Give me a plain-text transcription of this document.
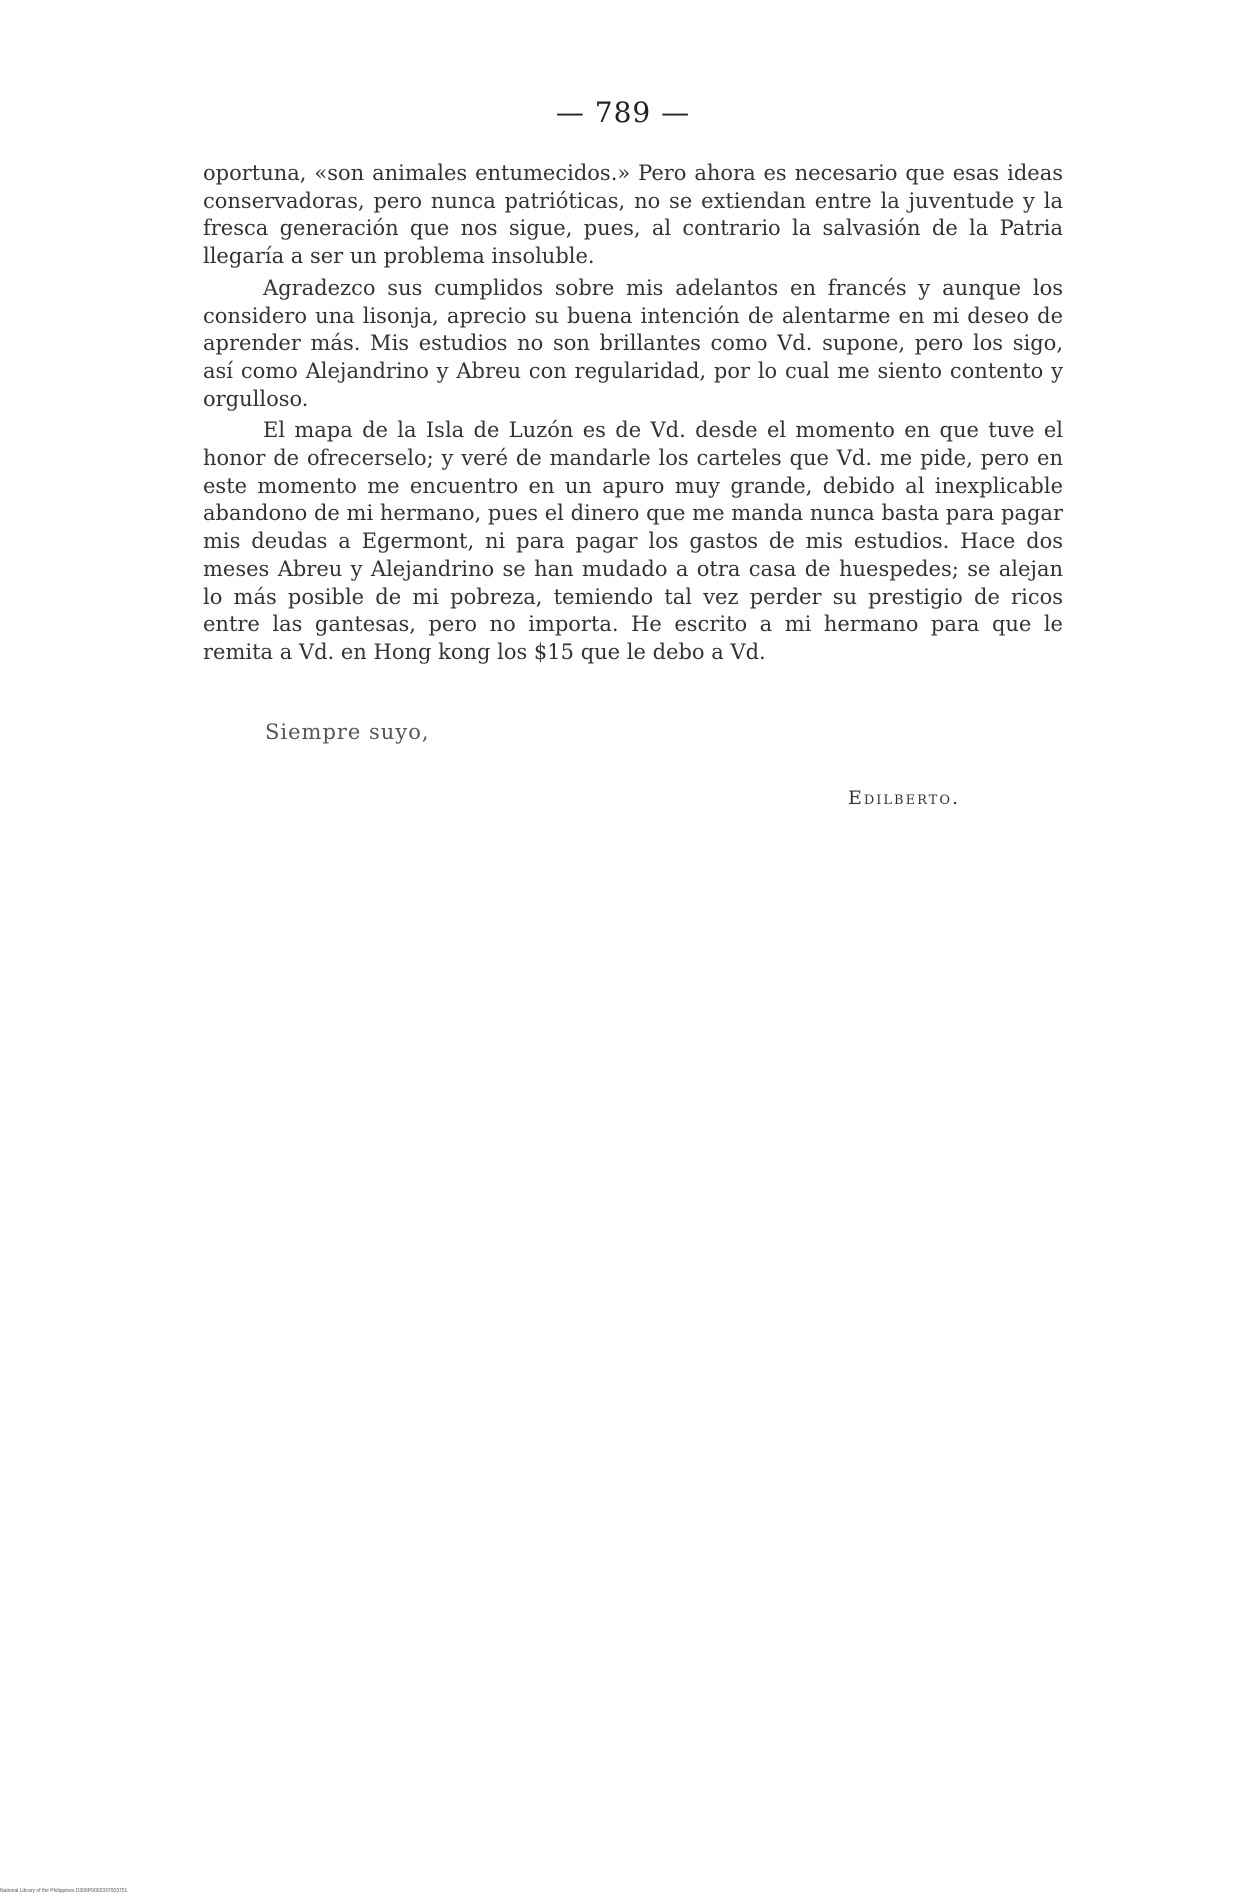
— 789 —

oportuna, «son animales entumecidos.» Pero ahora es necesario que esas ideas conservadoras, pero nunca patrióticas, no se extiendan entre la juventude y la fresca generación que nos sigue, pues, al contrario la salvasión de la Patria llegaría a ser un problema insoluble.

Agradezco sus cumplidos sobre mis adelantos en francés y aunque los considero una lisonja, aprecio su buena intención de alentarme en mi deseo de aprender más. Mis estudios no son brillantes como Vd. supone, pero los sigo, así como Alejandrino y Abreu con regularidad, por lo cual me siento contento y orgulloso.

El mapa de la Isla de Luzón es de Vd. desde el momento en que tuve el honor de ofrecerselo; y veré de mandarle los carteles que Vd. me pide, pero en este momento me encuentro en un apuro muy grande, debido al inexplicable abandono de mi hermano, pues el dinero que me manda nunca basta para pagar mis deudas a Egermont, ni para pagar los gastos de mis estudios. Hace dos meses Abreu y Alejandrino se han mudado a otra casa de huespedes; se alejan lo más posible de mi pobreza, temiendo tal vez perder su prestigio de ricos entre las gantesas, pero no importa. He escrito a mi hermano para que le remita a Vd. en Hong kong los $15 que le debo a Vd.

Siempre suyo,
Edilberto.
National Library of the Philippines D306P0002337003751
